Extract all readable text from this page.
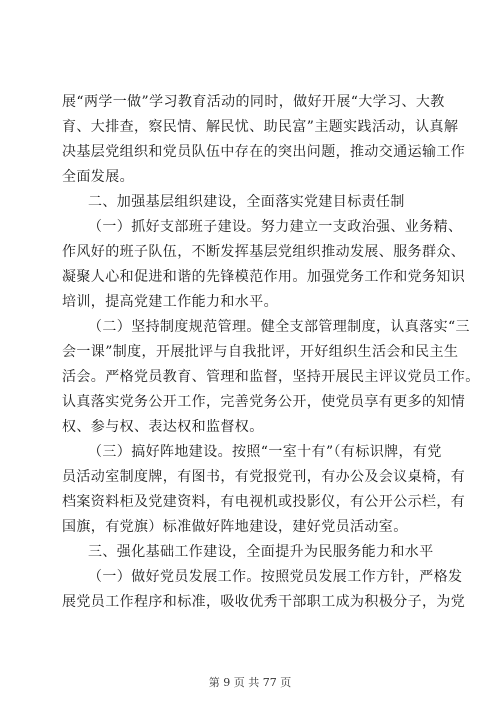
展“两学一做”学习教育活动的同时，做好开展“大学习、大教
育、大排查，察民情、解民忧、助民富”主题实践活动，认真解
决基层党组织和党员队伍中存在的突出问题，推动交通运输工作
全面发展。
二、加强基层组织建设，全面落实党建目标责任制
（一）抓好支部班子建设。努力建立一支政治强、业务精、
作风好的班子队伍，不断发挥基层党组织推动发展、服务群众、
凝聚人心和促进和谐的先锋模范作用。加强党务工作和党务知识
培训，提高党建工作能力和水平。
（二）坚持制度规范管理。健全支部管理制度，认真落实“三
会一课”制度，开展批评与自我批评，开好组织生活会和民主生
活会。严格党员教育、管理和监督，坚持开展民主评议党员工作。
认真落实党务公开工作，完善党务公开，使党员享有更多的知情
权、参与权、表达权和监督权。
（三）搞好阵地建设。按照“一室十有”（有标识牌，有党
员活动室制度牌，有图书，有党报党刊，有办公及会议桌椅，有
档案资料柜及党建资料，有电视机或投影仪，有公开公示栏，有
国旗，有党旗）标准做好阵地建设，建好党员活动室。
三、强化基础工作建设，全面提升为民服务能力和水平
（一）做好党员发展工作。按照党员发展工作方针，严格发
展党员工作程序和标准，吸收优秀干部职工成为积极分子，为党
第 9 页 共 77 页
